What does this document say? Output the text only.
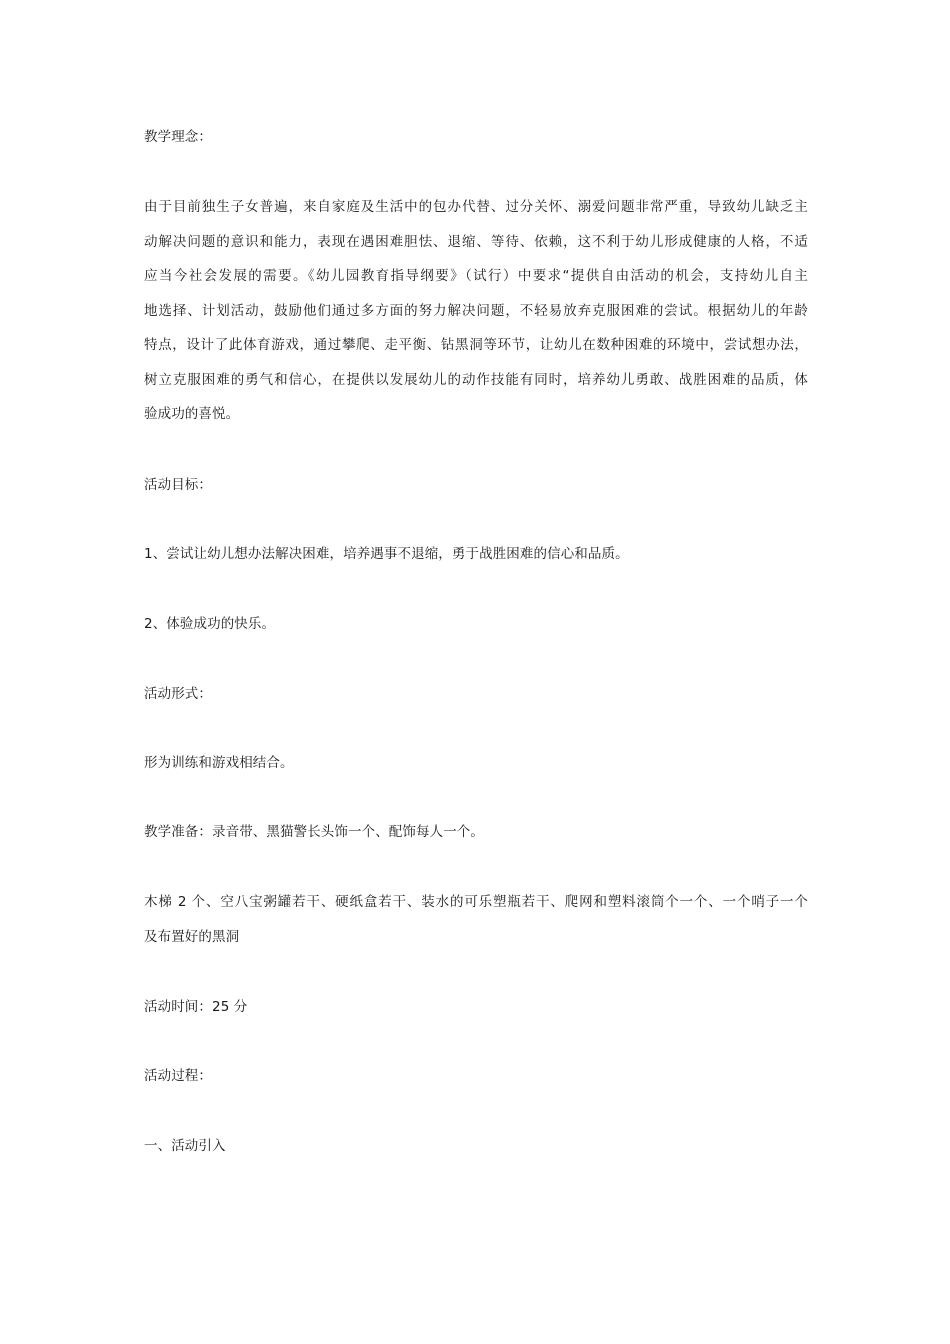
教学理念：
由于目前独生子女普遍，来自家庭及生活中的包办代替、过分关怀、溺爱问题非常严重，导致幼儿缺乏主
动解决问题的意识和能力，表现在遇困难胆怯、退缩、等待、依赖，这不利于幼儿形成健康的人格，不适
应当今社会发展的需要。《幼儿园教育指导纲要》（试行）中要求“提供自由活动的机会，支持幼儿自主
地选择、计划活动，鼓励他们通过多方面的努力解决问题，不轻易放弃克服困难的尝试。根据幼儿的年龄
特点，设计了此体育游戏，通过攀爬、走平衡、钻黑洞等环节，让幼儿在数种困难的环境中，尝试想办法，
树立克服困难的勇气和信心，在提供以发展幼儿的动作技能有同时，培养幼儿勇敢、战胜困难的品质，体
验成功的喜悦。
活动目标：
1、尝试让幼儿想办法解决困难，培养遇事不退缩，勇于战胜困难的信心和品质。
2、体验成功的快乐。
活动形式：
形为训练和游戏相结合。
教学准备：录音带、黑猫警长头饰一个、配饰每人一个。
木梯 2 个、空八宝粥罐若干、硬纸盒若干、装水的可乐塑瓶若干、爬网和塑料滚筒个一个、一个哨子一个
及布置好的黑洞
活动时间：25 分
活动过程：
一、活动引入
